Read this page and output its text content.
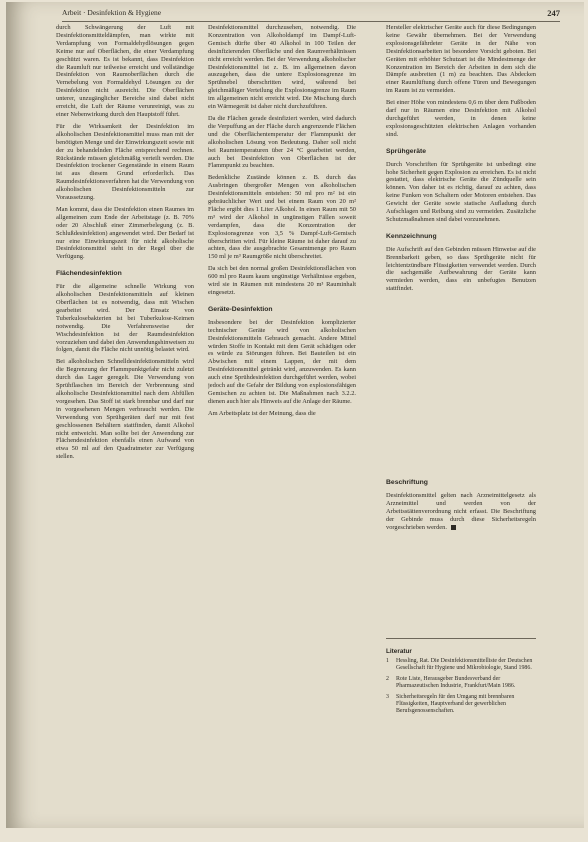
Arbeit · Desinfektion & Hygiene	247

durch Schwängerung der Luft mit Desinfektionsmitteldämpfen, man wirkte mit Verdampfung von Formaldehydlösungen gegen Keime nur auf Oberflächen, die einer Verdampfung geschützt waren. Es ist bekannt, dass Desinfektion die Raumluft nur teilweise erreicht und vollständige Desinfektion von Raumoberflächen durch die Vernebelung von Formaldehyd Lösungen zu der Desinfektion nicht ausreicht. Die Oberflächen unterer, unzugänglicher Bereiche sind dabei nicht erreicht, die Luft der Räume verunreinigt, was zu einer Nebenwirkung durch den Hauptstoff führt.

Für die Wirksamkeit der Desinfektion im alkoholischen Desinfektionsmittel muss man mit der benötigten Menge und der Einwirkungszeit sowie mit der zu behandelnden Fläche entsprechend rechnen. Rückstände müssen gleichmäßig verteilt werden. Die Desinfektion trockener Gegenstände in einem Raum ist aus diesem Grund erforderlich. Das Raumdesinfektionsverfahren hat die Verwendung von alkoholischen Desinfektionsmitteln zur Voraussetzung.

Man kommt, dass die Desinfektion einen Raumes im allgemeinen zum Ende der Arbeitstage (z. B. 70% oder 20 Abschluß einer Zimmerbelegung (z. B. Schlußdesinfektion) angewendet wird. Der Bedarf ist nur eine Einwirkungszeit für nicht alkoholische Desinfektionsmittel steht in der Regel über die Verfügung.

Flächendesinfektion

Für die allgemeine schnelle Wirkung von alkoholischen Desinfektionsmitteln auf kleinen Oberflächen ist es notwendig, dass mit Wischen gearbeitet wird. Der Einsatz von Tuberkulosebakterien ist bei Tuberkulose-Keimen notwendig. Die Verfahrensweise der Wischdesinfektion ist der Raumdesinfektion vorzuziehen und dabei den Anwendungshinweisen zu folgen, damit die Fläche nicht unnötig belastet wird.

Bei alkoholischen Schnelldesinfektionsmitteln wird die Begrenzung der Flammpunktgefahr nicht zuletzt durch das Lager geregelt. Die Verwendung von Sprühflaschen im Bereich der Verbrennung sind alkoholische Desinfektionsmittel nach dem Abfüllen vorgesehen. Das Stoff ist stark brennbar und darf nur in vorgesehenen Mengen verbraucht werden. Die Verwendung von Sprühgeräten darf nur mit fest geschlossenen Behältern stattfinden, damit Alkohol nicht entweicht. Man sollte bei der Anwendung zur Flächendesinfektion ebenfalls einen Aufwand von etwa 50 ml auf den Quadratmeter zur Verfügung stellen.

Desinfektionsmittel durchzusehen, notwendig. Die Konzentration von Alkoholdampf im Dampf-Luft-Gemisch dürfte über 40 Alkohol in 100 Teilen der desinfizierenden Oberfläche und den Raumverhältnissen nicht erreicht werden. Bei der Verwendung alkoholischer Desinfektionsmittel ist z. B. im allgemeinen davon auszugehen, dass die untere Explosionsgrenze im Sprühnebel überschritten wird, während bei gleichmäßiger Verteilung die Explosionsgrenze im Raum im allgemeinen nicht erreicht wird. Die Mischung durch ein Wärmegerät ist daher nicht durchzuführen.

Da die Flächen gerade desinfiziert werden, wird dadurch die Verpuffung an der Fläche durch angrenzende Flächen und die Oberflächentemperatur der Flammpunkt der alkoholischen Lösung von Bedeutung. Daher soll nicht bei Raumtemperaturen über 24 °C gearbeitet werden, auch bei Desinfektion von Oberflächen ist der Flammpunkt zu beachten.

Bedenkliche Zustände können z. B. durch das Ausbringen übergroßer Mengen von alkoholischen Desinfektionsmitteln entstehen: 50 ml pro m² ist ein gebräuchlicher Wert und bei einem Raum von 20 m² Fläche ergibt dies 1 Liter Alkohol. In einen Raum mit 50 m³ wird der Alkohol in ungünstigen Fällen soweit verdampfen, dass die Konzentration der Explosionsgrenze von 3,5 % Dampf-Luft-Gemisch überschritten wird. Für kleine Räume ist daher darauf zu achten, dass die ausgebrachte Gesamtmenge pro Raum 150 ml je m³ Raumgröße nicht überschreitet.

Da sich bei den normal großen Desinfektionsflächen von 600 ml pro Raum kaum ungünstige Verhältnisse ergeben, wird sie in Räumen mit mindestens 20 m³ Rauminhalt eingesetzt.

Geräte-Desinfektion

Insbesondere bei der Desinfektion komplizierter technischer Geräte wird von alkoholischen Desinfektionsmitteln Gebrauch gemacht. Andere Mittel würden Stoffe in Kontakt mit dem Gerät schädigen oder es würde zu Störungen führen. Bei Bauteilen ist ein Abwischen mit einem Lappen, der mit dem Desinfektionsmittel getränkt wird, anzuwenden. Es kann auch eine Sprühdesinfektion durchgeführt werden, wobei jedoch auf die Gefahr der Bildung von explosionsfähigen Gemischen zu achten ist. Die Maßnahmen nach 3.2.2. dienen auch hier als Hinweis auf die Anlage der Räume.

Am Arbeitsplatz ist der Meinung, dass die

Hersteller elektrischer Geräte auch für diese Bedingungen keine Gewähr übernehmen. Bei der Verwendung explosionsgefährdeter Geräte in der Nähe von Desinfektionsarbeiten ist besondere Vorsicht geboten. Bei Geräten mit erhöhter Schutzart ist die Mindestmenge der Konzentration im Bereich der Arbeiten in dem sich die Dämpfe ausbreiten (1 m) zu beachten. Das Abdecken einer Raumlüftung durch offene Türen und Bewegungen im Raum ist zu vermeiden.

Bei einer Höhe von mindestens 0,6 m über dem Fußboden darf nur in Räumen eine Desinfektion mit Alkohol durchgeführt werden, in denen keine explosionsgeschützten elektrischen Anlagen vorhanden sind.

Sprühgeräte

Durch Vorschriften für Sprühgeräte ist unbedingt eine hohe Sicherheit gegen Explosion zu erreichen. Es ist nicht gestattet, dass elektrische Geräte die Zündquelle sein können. Von daher ist es richtig, darauf zu achten, dass keine Funken von Schaltern oder Motoren entstehen. Das Gewicht der Geräte sowie statische Aufladung durch Aufschlagen und Reibung sind zu vermeiden. Zusätzliche Schutzmaßnahmen sind dabei vorzunehmen.

Kennzeichnung

Die Aufschrift auf den Gebinden müssen Hinweise auf die Brennbarkeit geben, so dass Sprühgeräte nicht für leichtentzündbare Flüssigkeiten verwendet werden. Durch die sachgemäße Aufbewahrung der Geräte kann vermieden werden, dass ein unbefugtes Benutzen stattfindet.

Beschriftung

Desinfektionsmittel gelten nach Arzneimittelgesetz als Arzneimittel und werden von der Arbeitsstättenverordnung nicht erfasst. Die Beschriftung der Gebinde muss durch diese Sicherheitsregeln vorgeschrieben werden.

Literatur
1 Hessling, Rat. Die Desinfektionsmittelliste der Deutschen Gesellschaft für Hygiene und Mikrobiologie, Stand 1986.
2 Rote Liste, Herausgeber Bundesverband der Pharmazeutischen Industrie, Frankfurt/Main 1986.
3 Sicherheitsregeln für den Umgang mit brennbaren Flüssigkeiten, Hauptverband der gewerblichen Berufsgenossenschaften.
